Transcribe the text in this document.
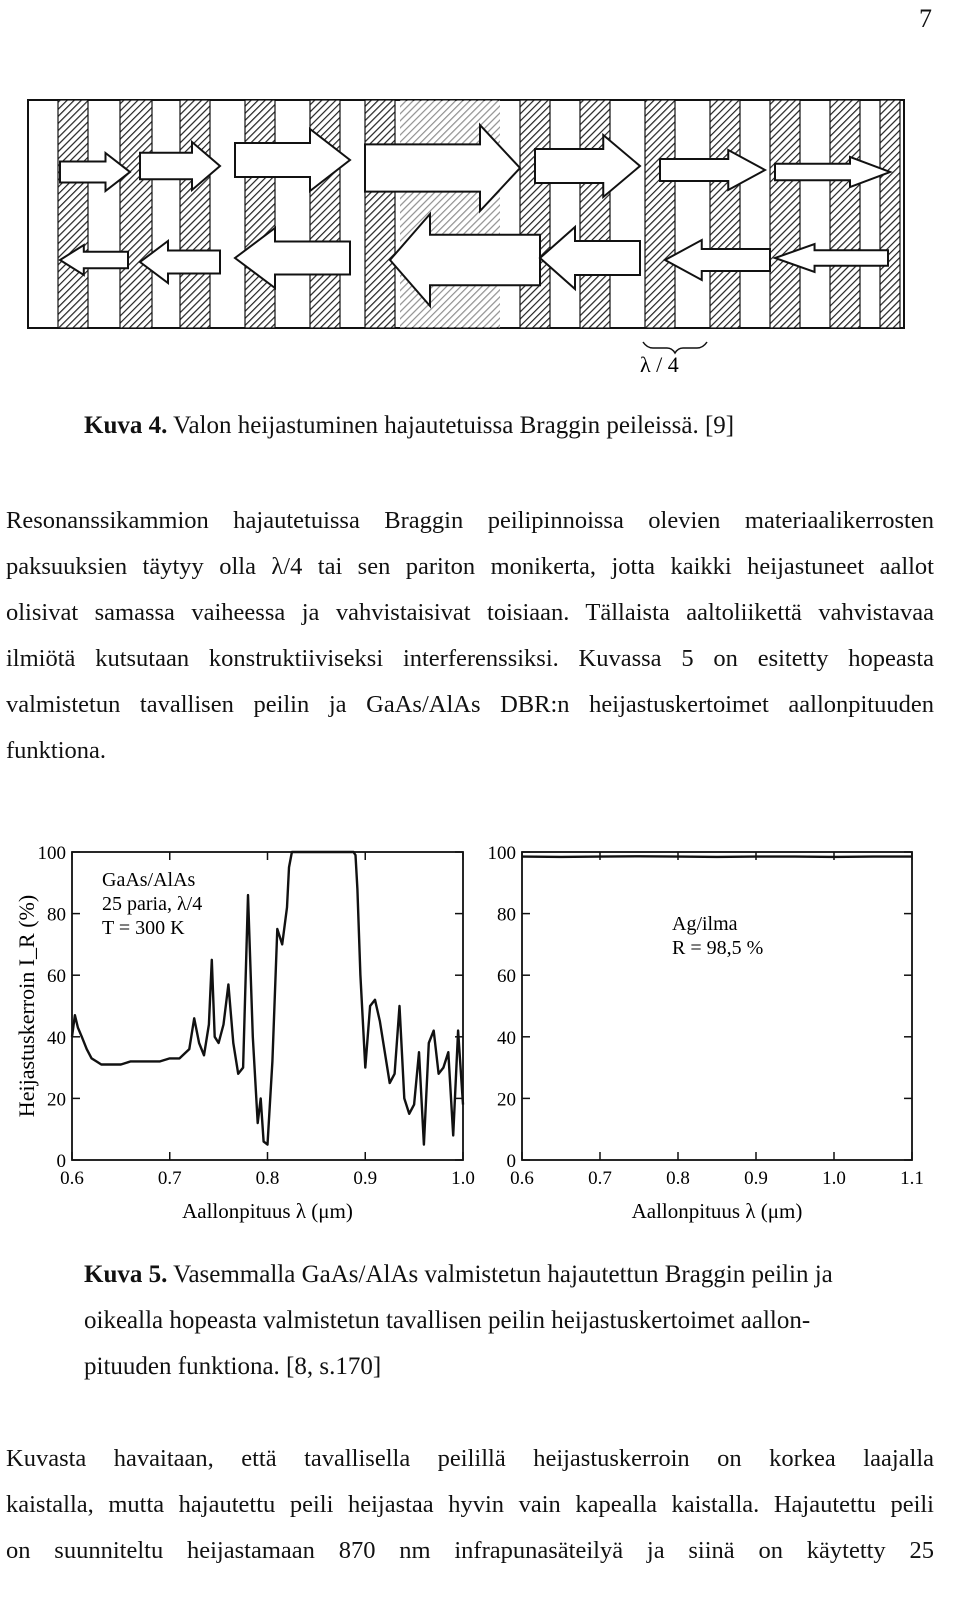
7
λ / 4
Kuva 4. Valon heijastuminen hajautetuissa Braggin peileissä. [9]
Resonanssikammion hajautetuissa Braggin peilipinnoissa olevien materiaalikerrosten
paksuuksien täytyy olla λ/4 tai sen pariton monikerta, jotta kaikki heijastuneet aallot
olisivat samassa vaiheessa ja vahvistaisivat toisiaan. Tällaista aaltoliikettä vahvistavaa
ilmiötä kutsutaan konstruktiiviseksi interferenssiksi. Kuvassa 5 on esitetty hopeasta
valmistetun tavallisen peilin ja GaAs/AlAs DBR:n heijastuskertoimet aallonpituuden
funktiona.
0
20
40
60
80
100
0.6	0.7	0.8	0.9	1.0
Aallonpituus λ (μm)
GaAs/AlAs
25 paria, λ/4
T = 300 K
Heijastuskerroin I_R (%)
0
20
40
60
80
100
0.6	0.7	0.8	0.9	1.0	1.1
Aallonpituus λ (μm)
Ag/ilma
R = 98,5 %
Kuva 5. Vasemmalla GaAs/AlAs valmistetun hajautettun Braggin peilin ja
oikealla hopeasta valmistetun tavallisen peilin heijastuskertoimet aallon-
pituuden funktiona. [8, s.170]
Kuvasta havaitaan, että tavallisella peilillä heijastuskerroin on korkea laajalla
kaistalla, mutta hajautettu peili heijastaa hyvin vain kapealla kaistalla. Hajautettu peili
on suunniteltu heijastamaan 870 nm infrapunasäteilyä ja siinä on käytetty 25
